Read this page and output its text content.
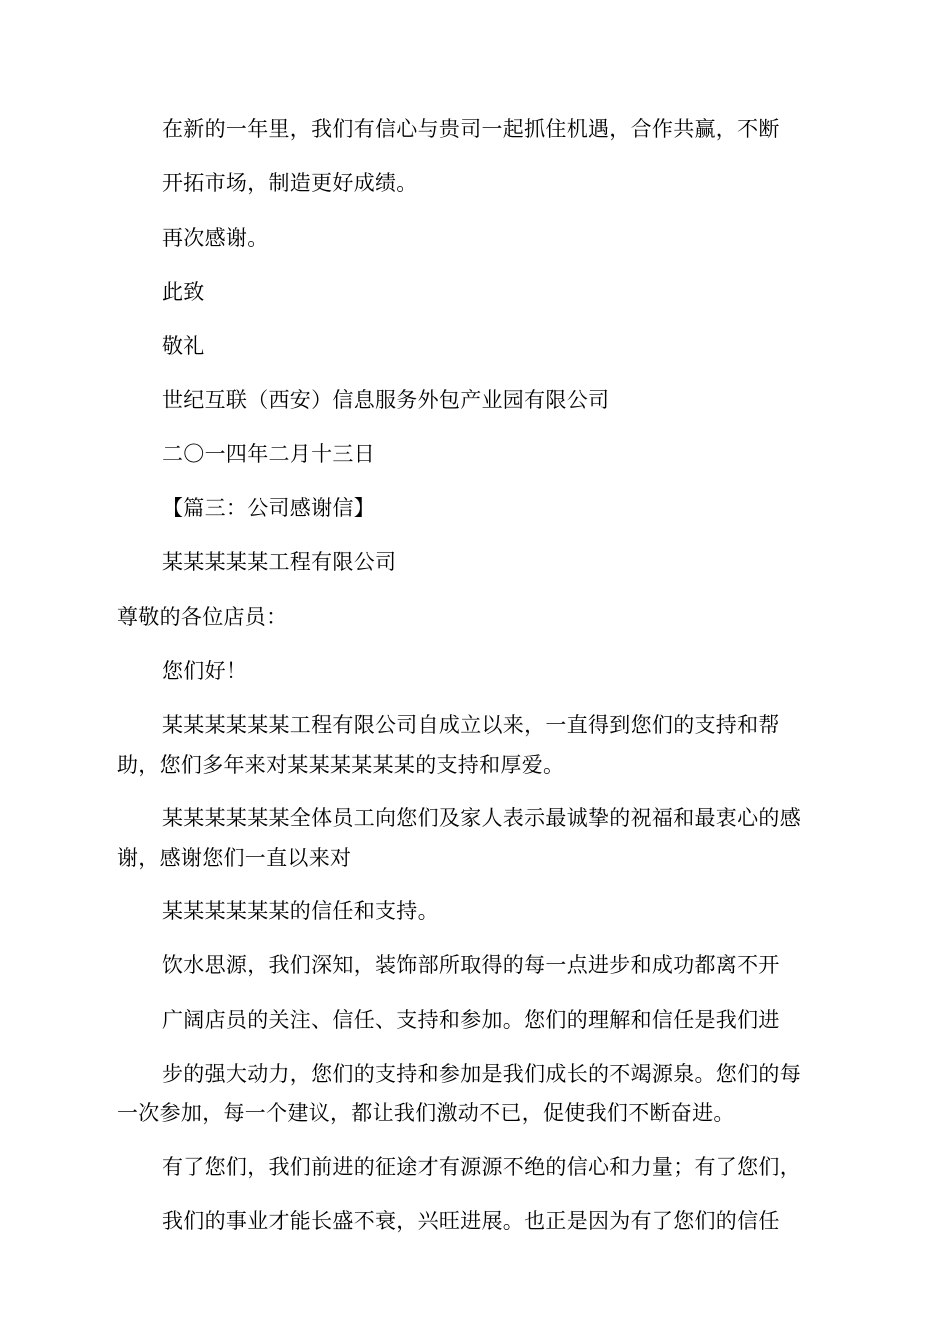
在新的一年里，我们有信心与贵司一起抓住机遇，合作共赢，不断
开拓市场，制造更好成绩。
再次感谢。
此致
敬礼
世纪互联（西安）信息服务外包产业园有限公司
二〇一四年二月十三日
【篇三：公司感谢信】
某某某某某工程有限公司
尊敬的各位店员：
您们好！
某某某某某某工程有限公司自成立以来，一直得到您们的支持和帮
助，您们多年来对某某某某某某的支持和厚爱。
某某某某某某全体员工向您们及家人表示最诚挚的祝福和最衷心的感
谢，感谢您们一直以来对
某某某某某某的信任和支持。
饮水思源，我们深知，装饰部所取得的每一点进步和成功都离不开
广阔店员的关注、信任、支持和参加。您们的理解和信任是我们进
步的强大动力，您们的支持和参加是我们成长的不竭源泉。您们的每
一次参加，每一个建议，都让我们激动不已，促使我们不断奋进。
有了您们，我们前进的征途才有源源不绝的信心和力量；有了您们，
我们的事业才能长盛不衰，兴旺进展。也正是因为有了您们的信任
